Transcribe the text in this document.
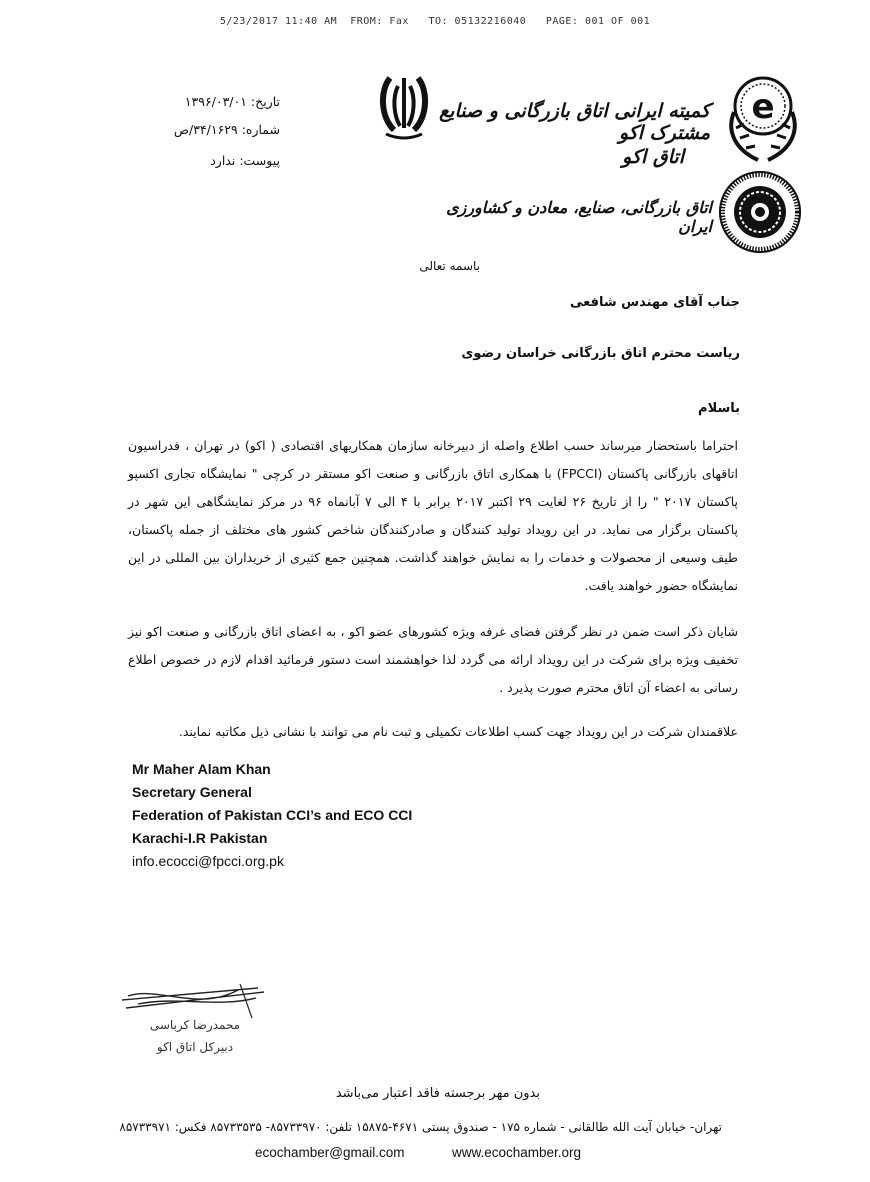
5/23/2017 11:40 AM  FROM: Fax   TO: 05132216040   PAGE: 001 OF 001
تاریخ: ۱۳۹۶/۰۳/۰۱
شماره: ۳۴/۱۶۲۹/ص
پیوست: ندارد
e
کمیته ایرانی اتاق بازرگانی و صنایع مشترک اکو
اتاق اکو
اتاق بازرگانی، صنایع، معادن و کشاورزی ایران
باسمه تعالی
جناب آقای مهندس شافعی
ریاست محترم اتاق بازرگانی خراسان رضوی
باسلام
احتراما باستحضار میرساند حسب اطلاع واصله از دبیرخانه سازمان همکاریهای اقتصادی ( اکو) در تهران ، فدراسیون اتاقهای بازرگانی پاکستان (FPCCI) با همکاری اتاق بازرگانی و صنعت اکو مستقر در کرچی " نمایشگاه تجاری اکسپو پاکستان ۲۰۱۷ " را از تاریخ ۲۶ لغایت ۲۹ اکتبر ۲۰۱۷ برابر با ۴ الی ۷ آبانماه ۹۶ در مرکز نمایشگاهی این شهر در پاکستان برگزار می نماید. در این رویداد تولید کنندگان و صادرکنندگان شاخص کشور های مختلف از جمله پاکستان، طیف وسیعی از محصولات و خدمات را به نمایش خواهند گذاشت. همچنین جمع کثیری از خریداران بین المللی در این نمایشگاه حضور خواهند یافت.
شایان ذکر است ضمن در نظر گرفتن فضای غرفه ویژه کشورهای عضو اکو ، به اعضای اتاق بازرگانی و صنعت اکو نیز تخفیف ویژه برای شرکت در این رویداد ارائه می گردد لذا خواهشمند است دستور فرمائید اقدام لازم در خصوص اطلاع رسانی به اعضاء آن اتاق محترم صورت پذیرد .
علاقمندان شرکت در این رویداد جهت کسب اطلاعات تکمیلی و ثبت نام می توانند با نشانی ذیل مکاتبه نمایند.
Mr Maher Alam Khan
Secretary General
Federation of Pakistan CCI’s and ECO CCI
Karachi-I.R Pakistan
info.ecocci@fpcci.org.pk
محمدرضا کرباسی
دبیرکل اتاق اکو
بدون مهر برجسته فاقد اعتبار می‌باشد
تهران- خیابان آیت الله طالقانی - شماره ۱۷۵ - صندوق پستی ۴۶۷۱-۱۵۸۷۵ تلفن: ۸۵۷۳۳۹۷۰- ۸۵۷۳۳۵۳۵ فکس: ۸۵۷۳۳۹۷۱
ecochamber@gmail.com	www.ecochamber.org
